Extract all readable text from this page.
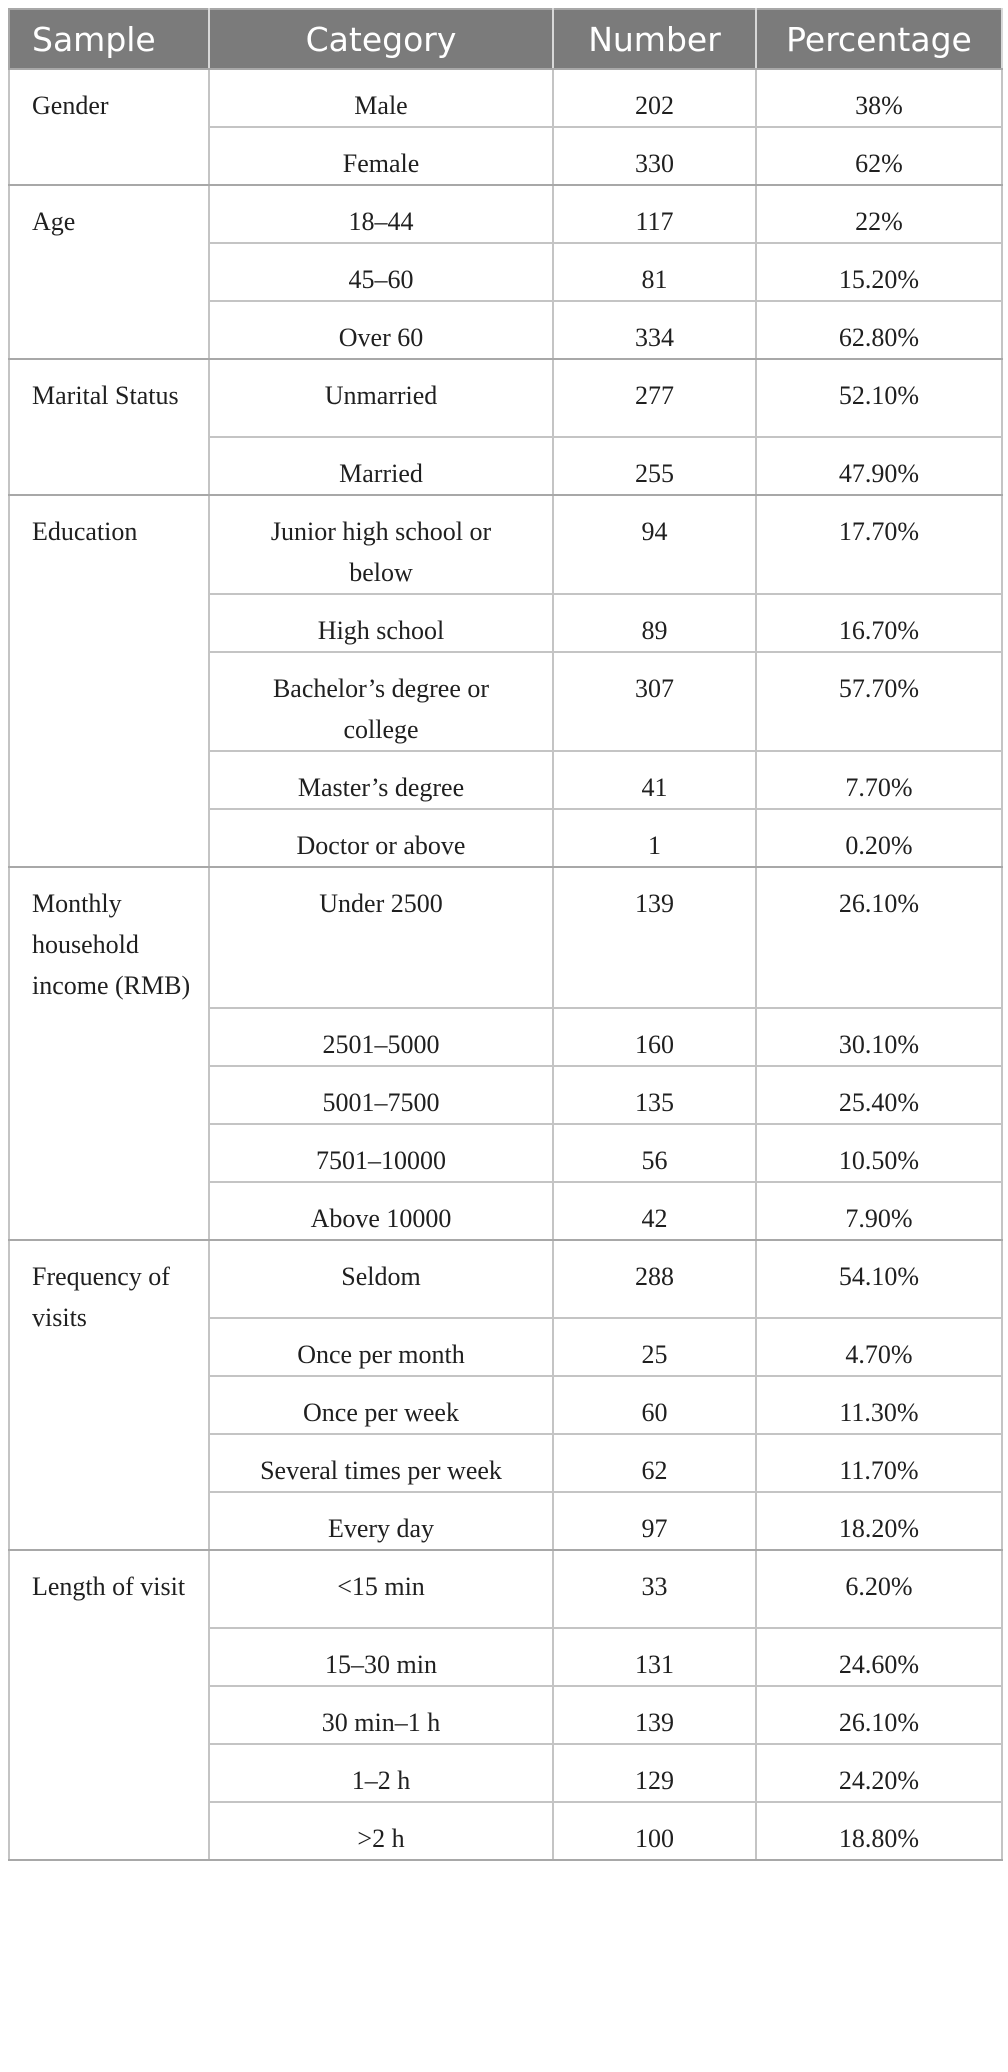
Sample	Category	Number	Percentage
Gender	Male	202	38%
	Female	330	62%
Age	18–44	117	22%
	45–60	81	15.20%
	Over 60	334	62.80%
Marital Status	Unmarried	277	52.10%
	Married	255	47.90%
Education	Junior high school or below	94	17.70%
	High school	89	16.70%
	Bachelor’s degree or college	307	57.70%
	Master’s degree	41	7.70%
	Doctor or above	1	0.20%
Monthly household income (RMB)	Under 2500	139	26.10%
	2501–5000	160	30.10%
	5001–7500	135	25.40%
	7501–10000	56	10.50%
	Above 10000	42	7.90%
Frequency of visits	Seldom	288	54.10%
	Once per month	25	4.70%
	Once per week	60	11.30%
	Several times per week	62	11.70%
	Every day	97	18.20%
Length of visit	<15 min	33	6.20%
	15–30 min	131	24.60%
	30 min–1 h	139	26.10%
	1–2 h	129	24.20%
	>2 h	100	18.80%
